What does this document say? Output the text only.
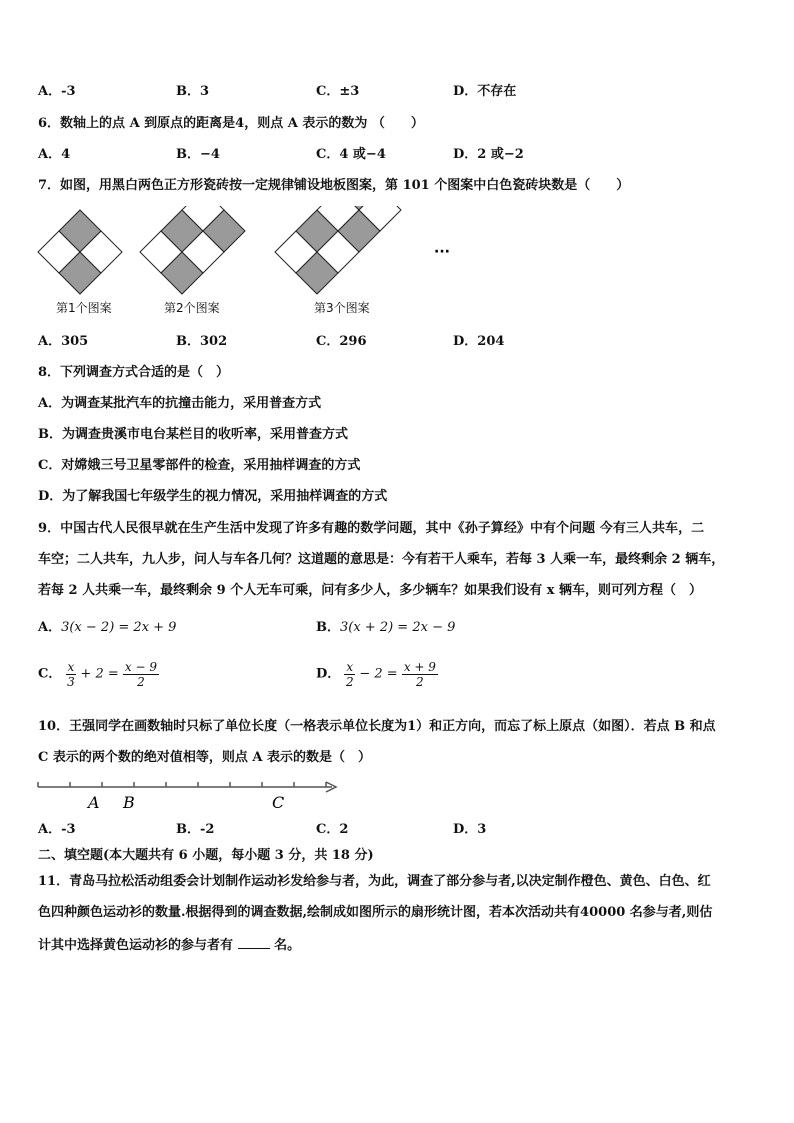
A．-3	B．3	C．±3	D．不存在
6．数轴上的点 A 到原点的距离是4，则点 A 表示的数为 （　　）
A．4	B．−4	C．4 或−4	D．2 或−2
7．如图，用黑白两色正方形瓷砖按一定规律铺设地板图案，第 101 个图案中白色瓷砖块数是（　　）
···
第1个图案	第2个图案	第3个图案
A．305	B．302	C．296	D．204
8．下列调查方式合适的是（　）
A．为调查某批汽车的抗撞击能力，采用普查方式
B．为调查贵溪市电台某栏目的收听率，采用普查方式
C．对嫦娥三号卫星零部件的检查，采用抽样调查的方式
D．为了解我国七年级学生的视力情况，采用抽样调查的方式
9．中国古代人民很早就在生产生活中发现了许多有趣的数学问题，其中《孙子算经》中有个问题 今有三人共车，二
车空；二人共车，九人步，问人与车各几何？这道题的意思是：今有若干人乘车，若每 3 人乘一车，最终剩余 2 辆车，
若每 2 人共乘一车，最终剩余 9 个人无车可乘，问有多少人，多少辆车？如果我们设有 x 辆车，则可列方程（　）
A．3(x − 2) = 2x + 9	B．3(x + 2) = 2x − 9
C． $\frac{x}{3} + 2 = \frac{x - 9}{2}$	D． $\frac{x}{2} - 2 = \frac{x + 9}{2}$
10．王强同学在画数轴时只标了单位长度（一格表示单位长度为1）和正方向，而忘了标上原点（如图）．若点 B 和点
C 表示的两个数的绝对值相等，则点 A 表示的数是（　）
A B	C
A．-3	B．-2	C．2	D．3
二、填空题(本大题共有 6 小题，每小题 3 分，共 18 分)
11．青岛马拉松活动组委会计划制作运动衫发给参与者，为此，调查了部分参与者,以决定制作橙色、黄色、白色、红
色四种颜色运动衫的数量.根据得到的调查数据,绘制成如图所示的扇形统计图，若本次活动共有40000 名参与者,则估
计其中选择黄色运动衫的参与者有	名。
